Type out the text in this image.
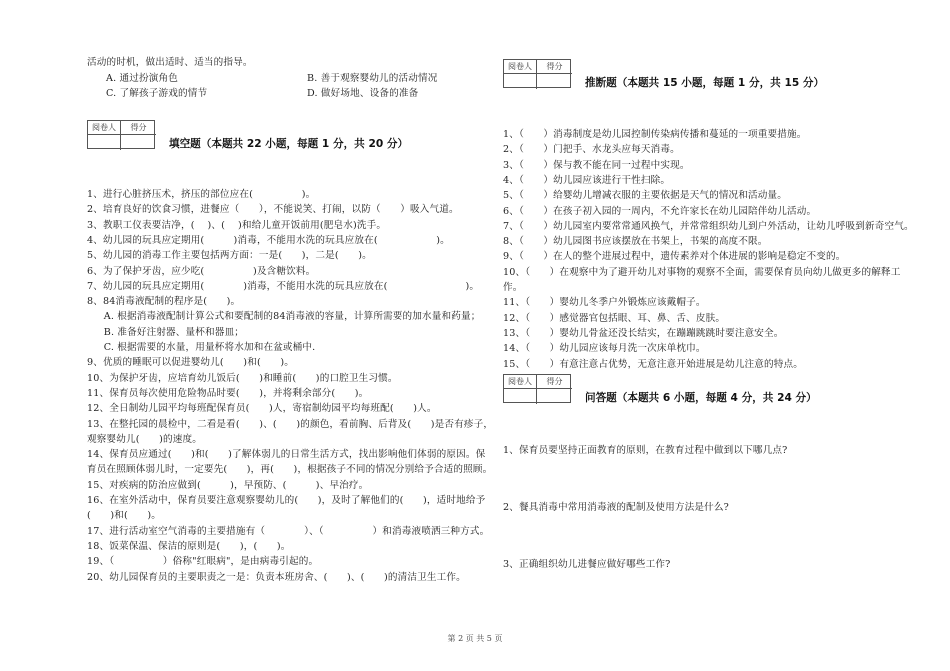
活动的时机，做出适时、适当的指导。
A. 通过扮演角色	B. 善于观察婴幼儿的活动情况
C. 了解孩子游戏的情节	D. 做好场地、设备的准备
阅卷人	得分
填空题（本题共 22 小题，每题 1 分，共 20 分）
1、进行心脏挤压术，挤压的部位应在(　　　　　)。
2、培育良好的饮食习惯，进餐应（　　），不能说笑、打闹，以防（　　）吸入气道。
3、教职工仪表要洁净，(　 )、(　 )和给儿童开饭前用(肥皂水)洗手。
4、幼儿园的玩具应定期用(　　　)消毒，不能用水洗的玩具应放在(　　　　　　)。
5、幼儿园的消毒工作主要包括两方面：一是(　　)，二是(　　)。
6、为了保护牙齿，应少吃(　　　　　)及含糖饮料。
7、幼儿园的玩具应定期用(　　　　)消毒，不能用水洗的玩具应放在(　　　　　　　　)。
8、84消毒液配制的程序是(　　)。
　A. 根据消毒液配制计算公式和要配制的84消毒液的容量，计算所需要的加水量和药量；
　B. 准备好注射器、量杯和器皿；
　C. 根据需要的水量，用量杯将水加和在盆或桶中.
9、优质的睡眠可以促进婴幼儿(　　)和(　　)。
10、为保护牙齿，应培育幼儿饭后(　　)和睡前(　　)的口腔卫生习惯。
11、保育员每次使用危险物品时要(　　)，并将剩余部分(　　)。
12、全日制幼儿园平均每班配保育员(　　)人，寄宿制幼园平均每班配(　　)人。
13、在整托园的晨检中，二看是看(　　)、(　　)的颜色，看前胸、后背及(　　)是否有疹子，
观察婴幼儿(　　)的速度。
14、保育员应通过(　　)和(　　)了解体弱儿的日常生活方式，找出影响他们体弱的原因。保
育员在照顾体弱儿时，一定要先(　　)，再(　　)，根据孩子不同的情况分别给予合适的照顾。
15、对疾病的防治应做到(　　　)，早预防、(　　　)、早治疗。
16、在室外活动中，保育员要注意观察婴幼儿的(　　)，及时了解他们的(　　)，适时地给予
(　　)和(　　)。
17、进行活动室空气消毒的主要措施有（　　　　）、（　　　　　）和消毒液喷洒三种方式。
18、饭菜保温、保洁的原则是(　　)，(　　)。
19、（　　　　　）俗称"红眼病"，是由病毒引起的。
20、幼儿园保育员的主要职责之一是：负责本班房舍、(　　)、(　　)的清洁卫生工作。
阅卷人	得分
推断题（本题共 15 小题，每题 1 分，共 15 分）
1、（　　）消毒制度是幼儿园控制传染病传播和蔓延的一项重要措施。
2、（　　）门把手、水龙头应每天消毒。
3、（　　）保与教不能在同一过程中实现。
4、（　　）幼儿园应该进行干性扫除。
5、（　　）给婴幼儿增减衣服的主要依据是天气的情况和活动量。
6、（　　）在孩子初入园的一周内，不允许家长在幼儿园陪伴幼儿活动。
7、（　　）幼儿园室内要常常通风换气，并常常组织幼儿到户外活动，让幼儿呼吸到新奇空气。
8、（　　）幼儿园图书应该摆放在书架上，书架的高度不限。
9、（　　）在人的整个进展过程中，遗传素养对个体进展的影响是稳定不变的。
10、（　　）在观察中为了避开幼儿对事物的观察不全面，需要保育员向幼儿做更多的解释工
作。
11、（　　）婴幼儿冬季户外锻炼应该戴帽子。
12、（　　）感觉器官包括眼、耳、鼻、舌、皮肤。
13、（　　）婴幼儿骨盆还没长结实，在蹦蹦跳跳时要注意安全。
14、（　　）幼儿园应该每月洗一次床单枕巾。
15、（　　）有意注意占优势，无意注意开始进展是幼儿注意的特点。
阅卷人	得分
问答题（本题共 6 小题，每题 4 分，共 24 分）
1、保育员要坚持正面教育的原则，在教育过程中做到以下哪几点?
2、餐具消毒中常用消毒液的配制及使用方法是什么?
3、正确组织幼儿进餐应做好哪些工作?
第 2 页 共 5 页
